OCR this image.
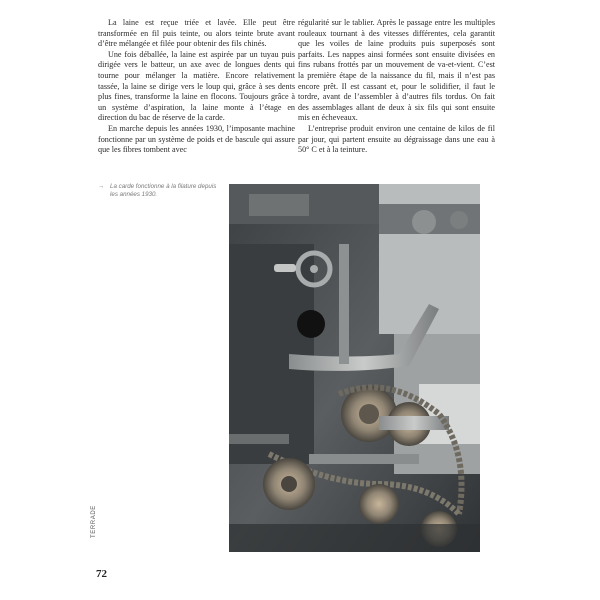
La laine est reçue triée et lavée. Elle peut être transformée en fil puis teinte, ou alors teinte brute avant d’être mélangée et filée pour obtenir des fils chinés.

Une fois déballée, la laine est aspirée par un tuyau puis dirigée vers le batteur, un axe avec de longues dents qui tourne pour mélanger la matière. Encore relativement tassée, la laine se dirige vers le loup qui, grâce à ses dents plus fines, transforme la laine en flocons. Toujours grâce à un système d’aspiration, la laine monte à l’étage en direction du bac de réserve de la carde.

En marche depuis les années 1930, l’imposante machine fonctionne par un système de poids et de bascule qui assure que les fibres tombent avec

régularité sur le tablier. Après le passage entre les multiples rouleaux tournant à des vitesses différentes, cela garantit que les voiles de laine produits puis superposés sont parfaits. Les nappes ainsi formées sont ensuite divisées en fins rubans frottés par un mouvement de va-et-vient. C’est la première étape de la naissance du fil, mais il n’est pas encore prêt. Il est cassant et, pour le solidifier, il faut le tordre, avant de l’assembler à d’autres fils tordus. On fait des assemblages allant de deux à six fils qui sont ensuite mis en écheveaux.

L’entreprise produit environ une centaine de kilos de fil par jour, qui partent ensuite au dégraissage dans une eau à 50° C et à la teinture.

→ La carde fonctionne à la filature depuis les années 1930.
TERRADE
72
